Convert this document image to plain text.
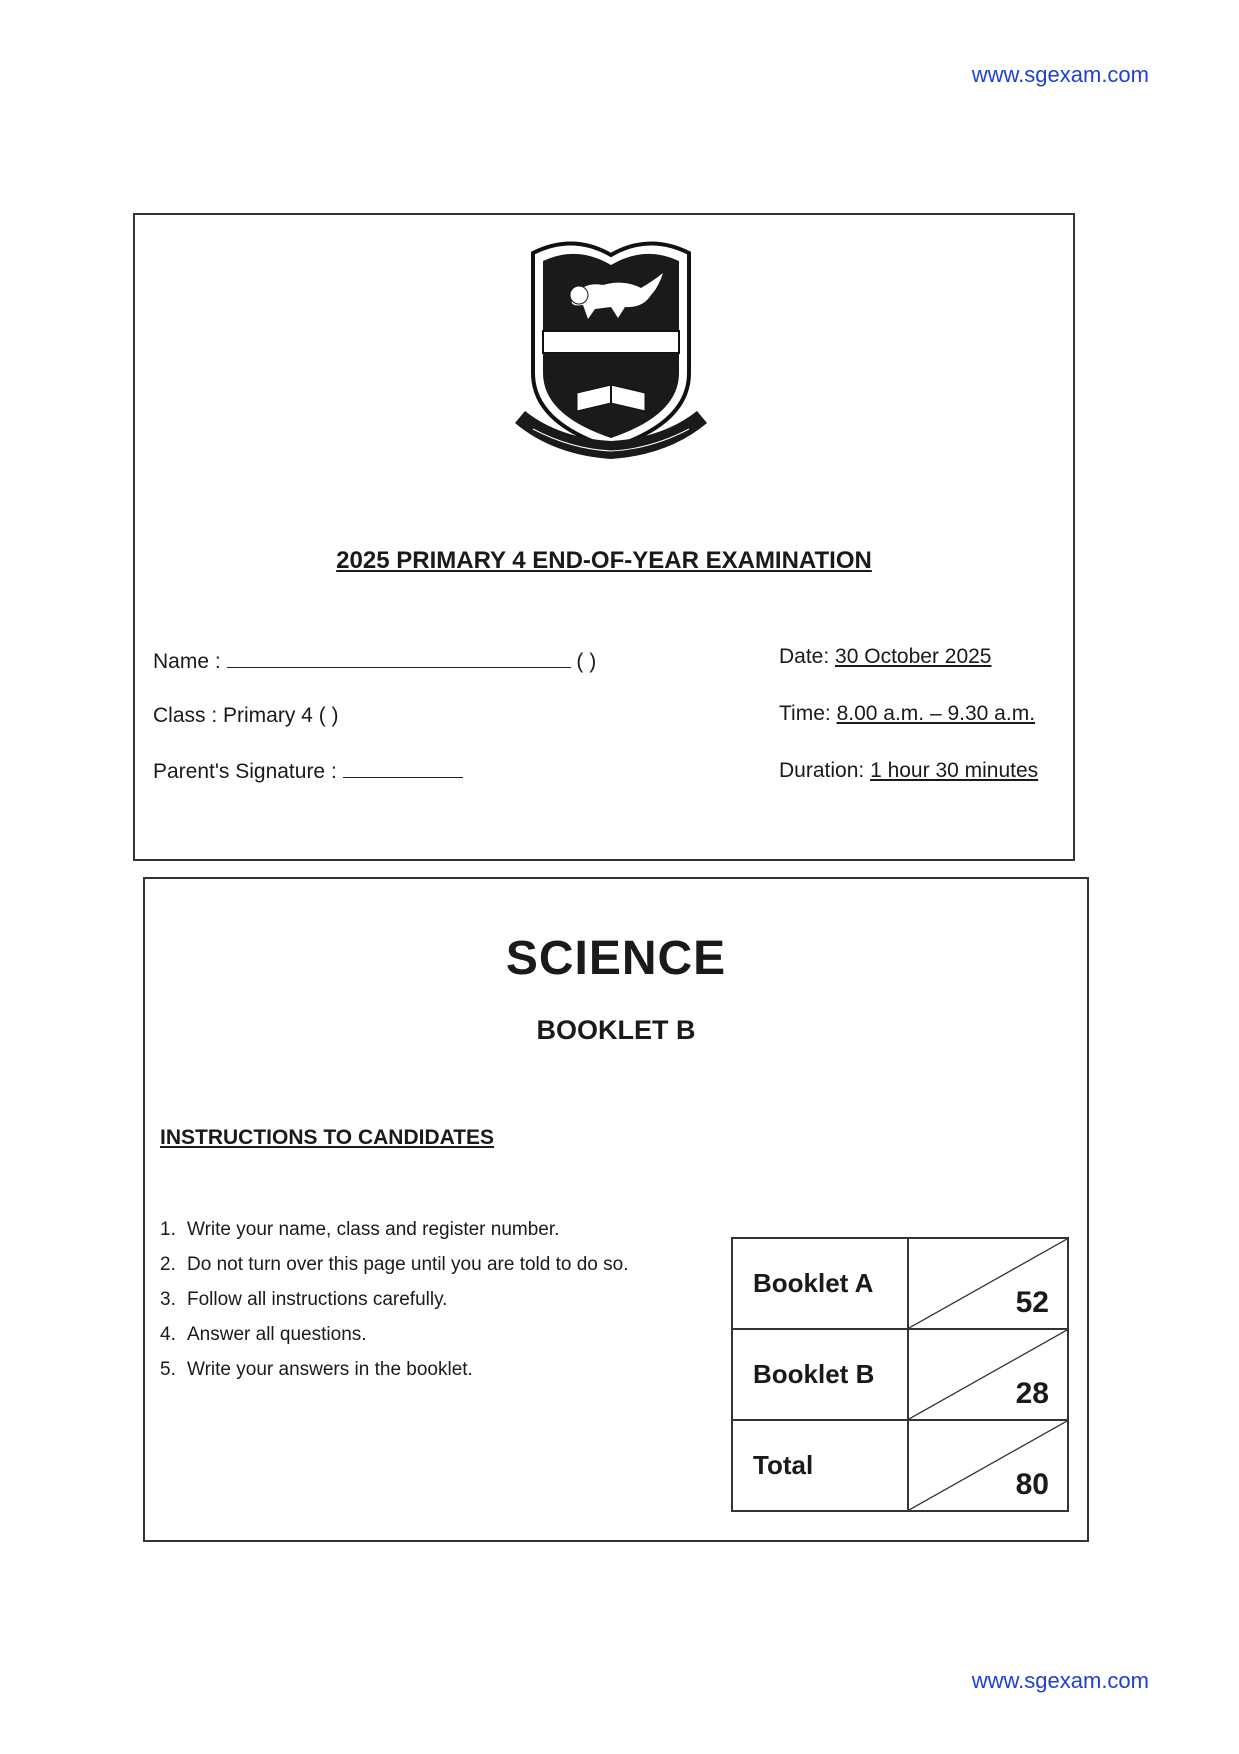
www.sgexam.com
2025 PRIMARY 4 END-OF-YEAR EXAMINATION
Name :	( )
Class : Primary 4 ( )
Parent's Signature :
Date: 30 October 2025
Time: 8.00 a.m. – 9.30 a.m.
Duration: 1 hour 30 minutes
SCIENCE
BOOKLET B
INSTRUCTIONS TO CANDIDATES
1. Write your name, class and register number.
2. Do not turn over this page until you are told to do so.
3. Follow all instructions carefully.
4. Answer all questions.
5. Write your answers in the booklet.
Booklet A	52

Booklet B	28

Total	80
www.sgexam.com
